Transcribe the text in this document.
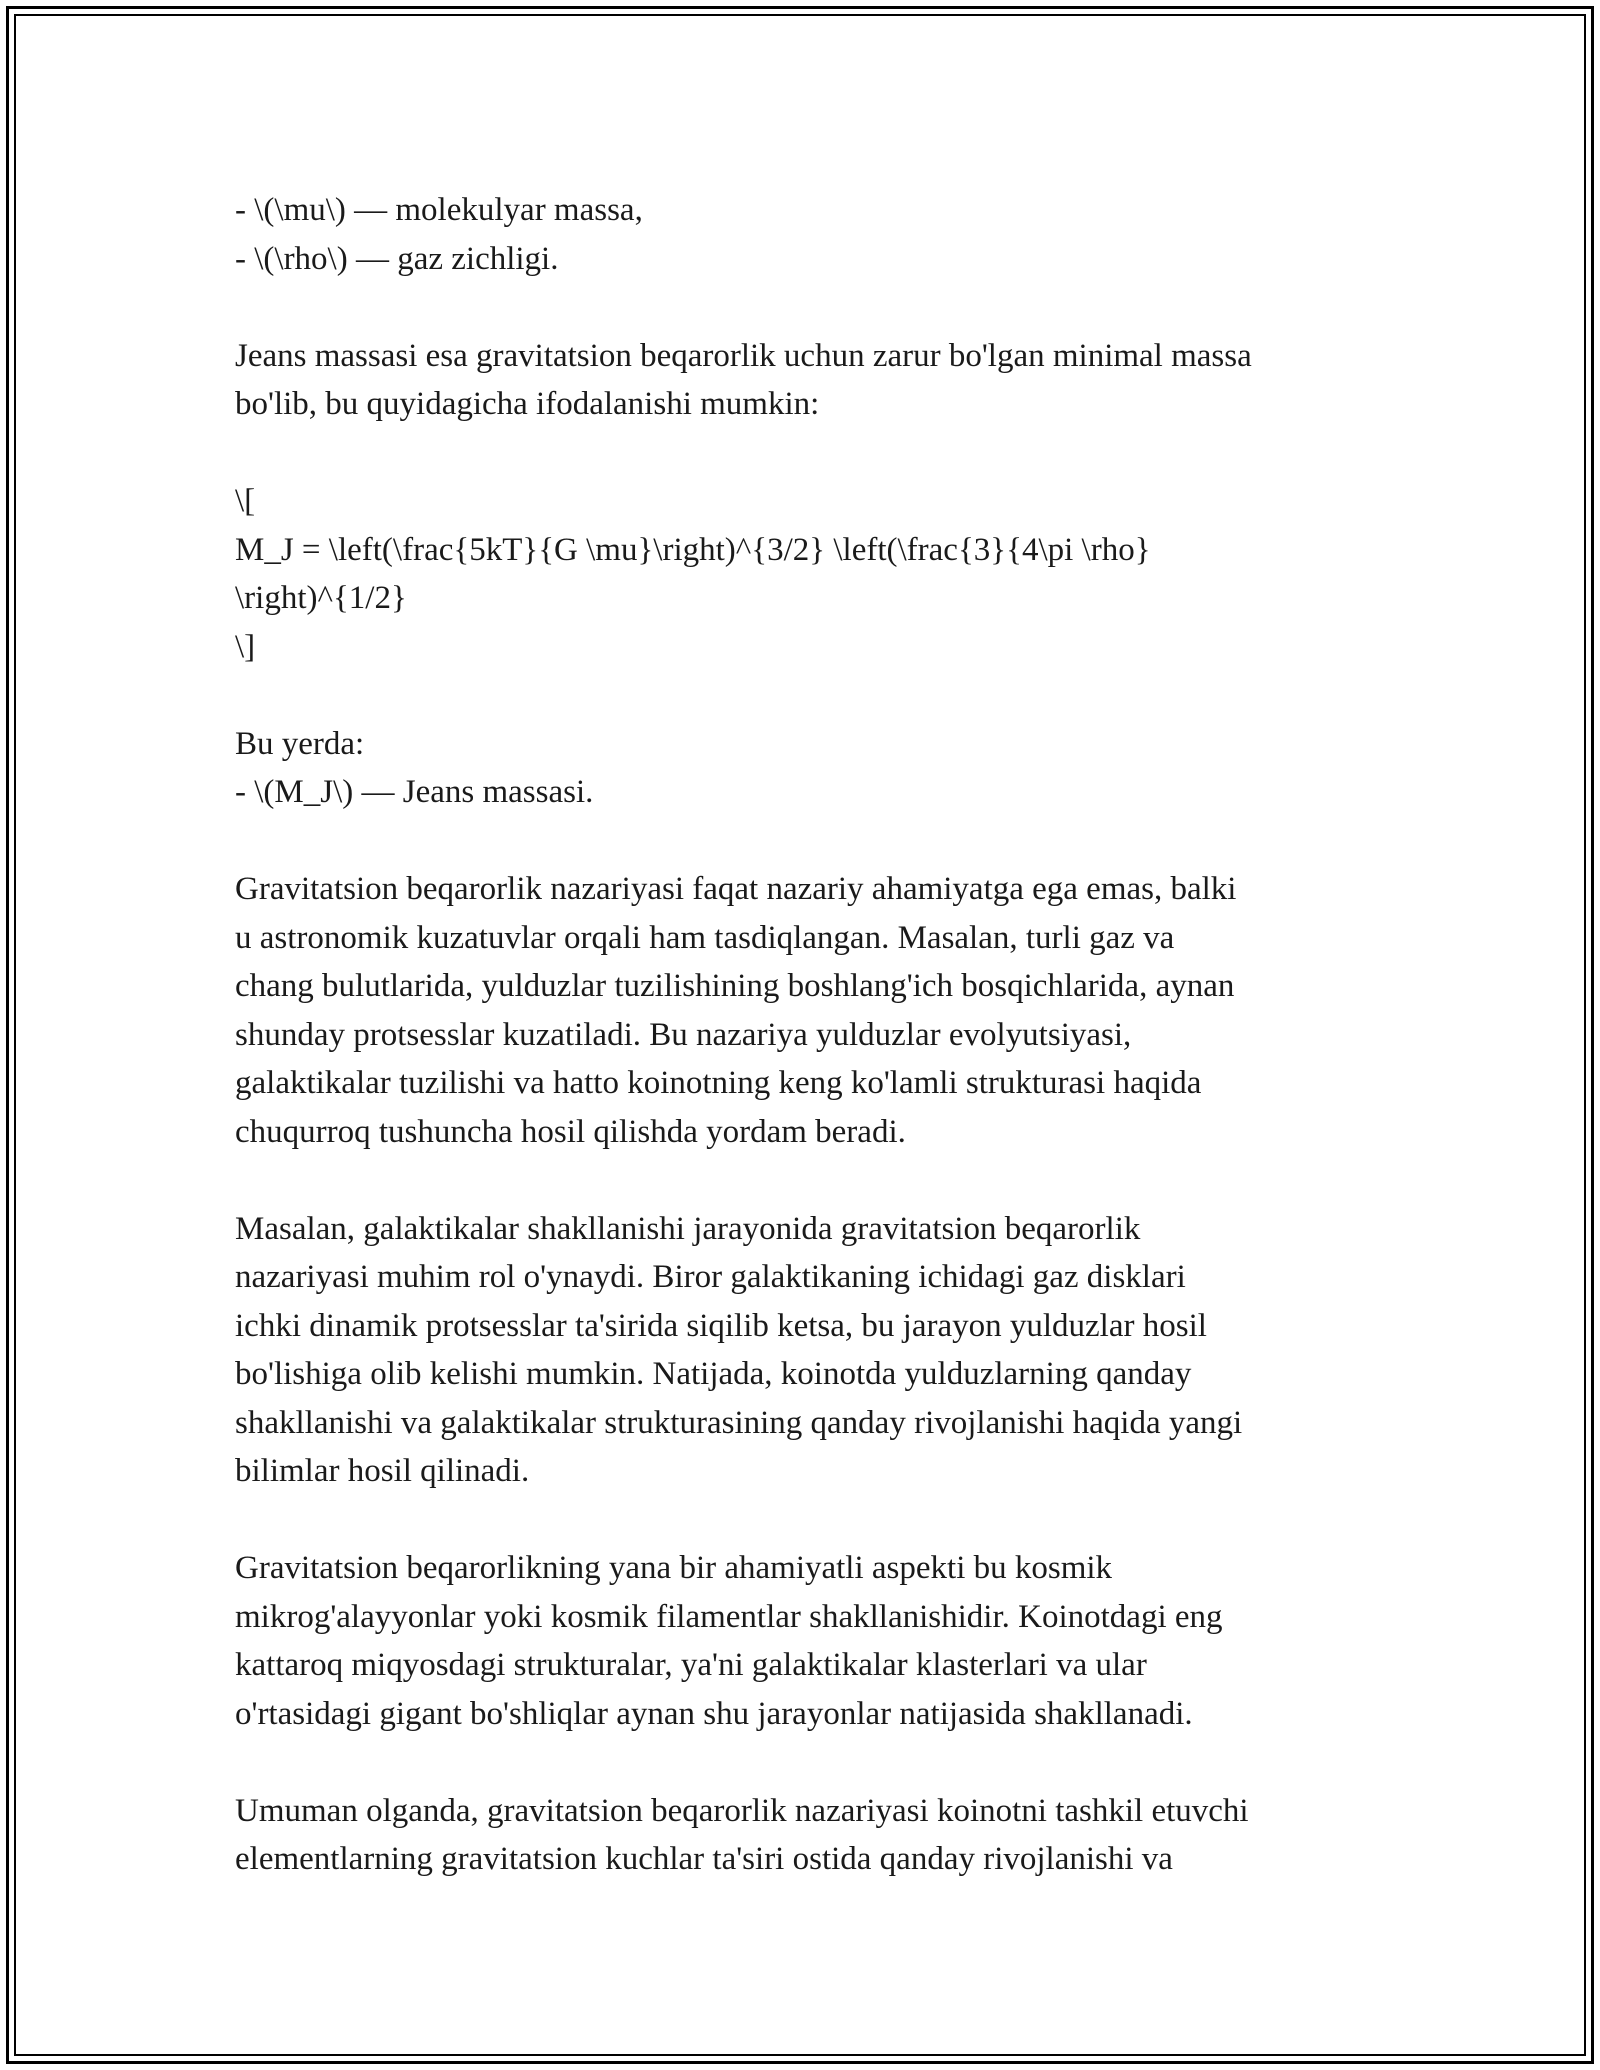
- \(\mu\) — molekulyar massa,
- \(\rho\) — gaz zichligi.

Jeans massasi esa gravitatsion beqarorlik uchun zarur bo'lgan minimal massa
bo'lib, bu quyidagicha ifodalanishi mumkin:

\[
M_J = \left(\frac{5kT}{G \mu}\right)^{3/2} \left(\frac{3}{4\pi \rho}
\right)^{1/2}
\]

Bu yerda:
- \(M_J\) — Jeans massasi.

Gravitatsion beqarorlik nazariyasi faqat nazariy ahamiyatga ega emas, balki
u astronomik kuzatuvlar orqali ham tasdiqlangan. Masalan, turli gaz va
chang bulutlarida, yulduzlar tuzilishining boshlang'ich bosqichlarida, aynan
shunday protsesslar kuzatiladi. Bu nazariya yulduzlar evolyutsiyasi,
galaktikalar tuzilishi va hatto koinotning keng ko'lamli strukturasi haqida
chuqurroq tushuncha hosil qilishda yordam beradi.

Masalan, galaktikalar shakllanishi jarayonida gravitatsion beqarorlik
nazariyasi muhim rol o'ynaydi. Biror galaktikaning ichidagi gaz disklari
ichki dinamik protsesslar ta'sirida siqilib ketsa, bu jarayon yulduzlar hosil
bo'lishiga olib kelishi mumkin. Natijada, koinotda yulduzlarning qanday
shakllanishi va galaktikalar strukturasining qanday rivojlanishi haqida yangi
bilimlar hosil qilinadi.

Gravitatsion beqarorlikning yana bir ahamiyatli aspekti bu kosmik
mikrog'alayyonlar yoki kosmik filamentlar shakllanishidir. Koinotdagi eng
kattaroq miqyosdagi strukturalar, ya'ni galaktikalar klasterlari va ular
o'rtasidagi gigant bo'shliqlar aynan shu jarayonlar natijasida shakllanadi.

Umuman olganda, gravitatsion beqarorlik nazariyasi koinotni tashkil etuvchi
elementlarning gravitatsion kuchlar ta'siri ostida qanday rivojlanishi va
